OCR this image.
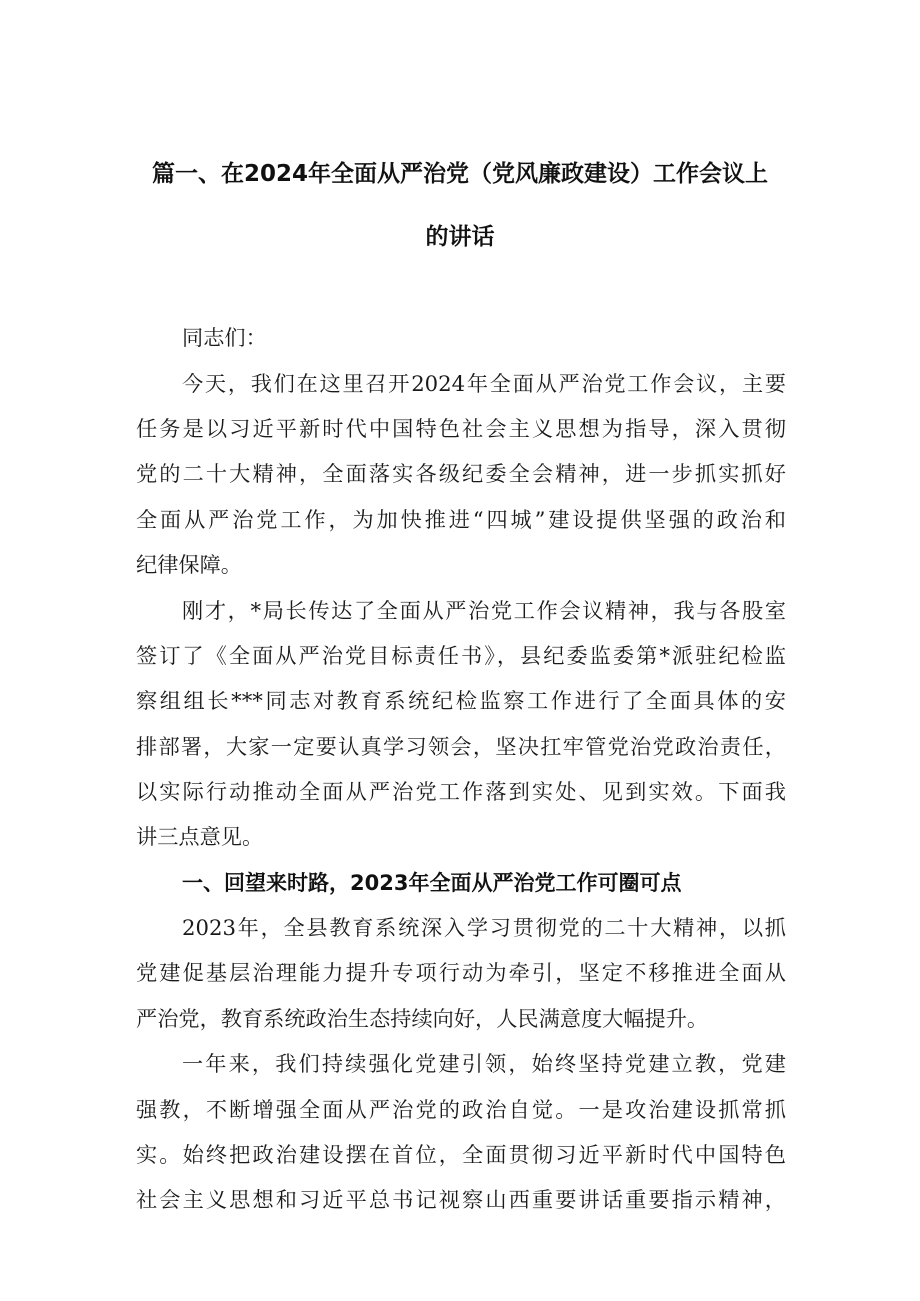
篇一、在2024年全面从严治党（党风廉政建设）工作会议上
的讲话
同志们：
今天，我们在这里召开2024年全面从严治党工作会议，主要
任务是以习近平新时代中国特色社会主义思想为指导，深入贯彻
党的二十大精神，全面落实各级纪委全会精神，进一步抓实抓好
全面从严治党工作，为加快推进“四城”建设提供坚强的政治和
纪律保障。
刚才，*局长传达了全面从严治党工作会议精神，我与各股室
签订了《全面从严治党目标责任书》，县纪委监委第*派驻纪检监
察组组长***同志对教育系统纪检监察工作进行了全面具体的安
排部署，大家一定要认真学习领会，坚决扛牢管党治党政治责任，
以实际行动推动全面从严治党工作落到实处、见到实效。下面我
讲三点意见。
一、回望来时路，2023年全面从严治党工作可圈可点
2023年，全县教育系统深入学习贯彻党的二十大精神，以抓
党建促基层治理能力提升专项行动为牵引，坚定不移推进全面从
严治党，教育系统政治生态持续向好，人民满意度大幅提升。
一年来，我们持续强化党建引领，始终坚持党建立教，党建
强教，不断增强全面从严治党的政治自觉。一是攻治建设抓常抓
实。始终把政治建设摆在首位，全面贯彻习近平新时代中国特色
社会主义思想和习近平总书记视察山西重要讲话重要指示精神，
